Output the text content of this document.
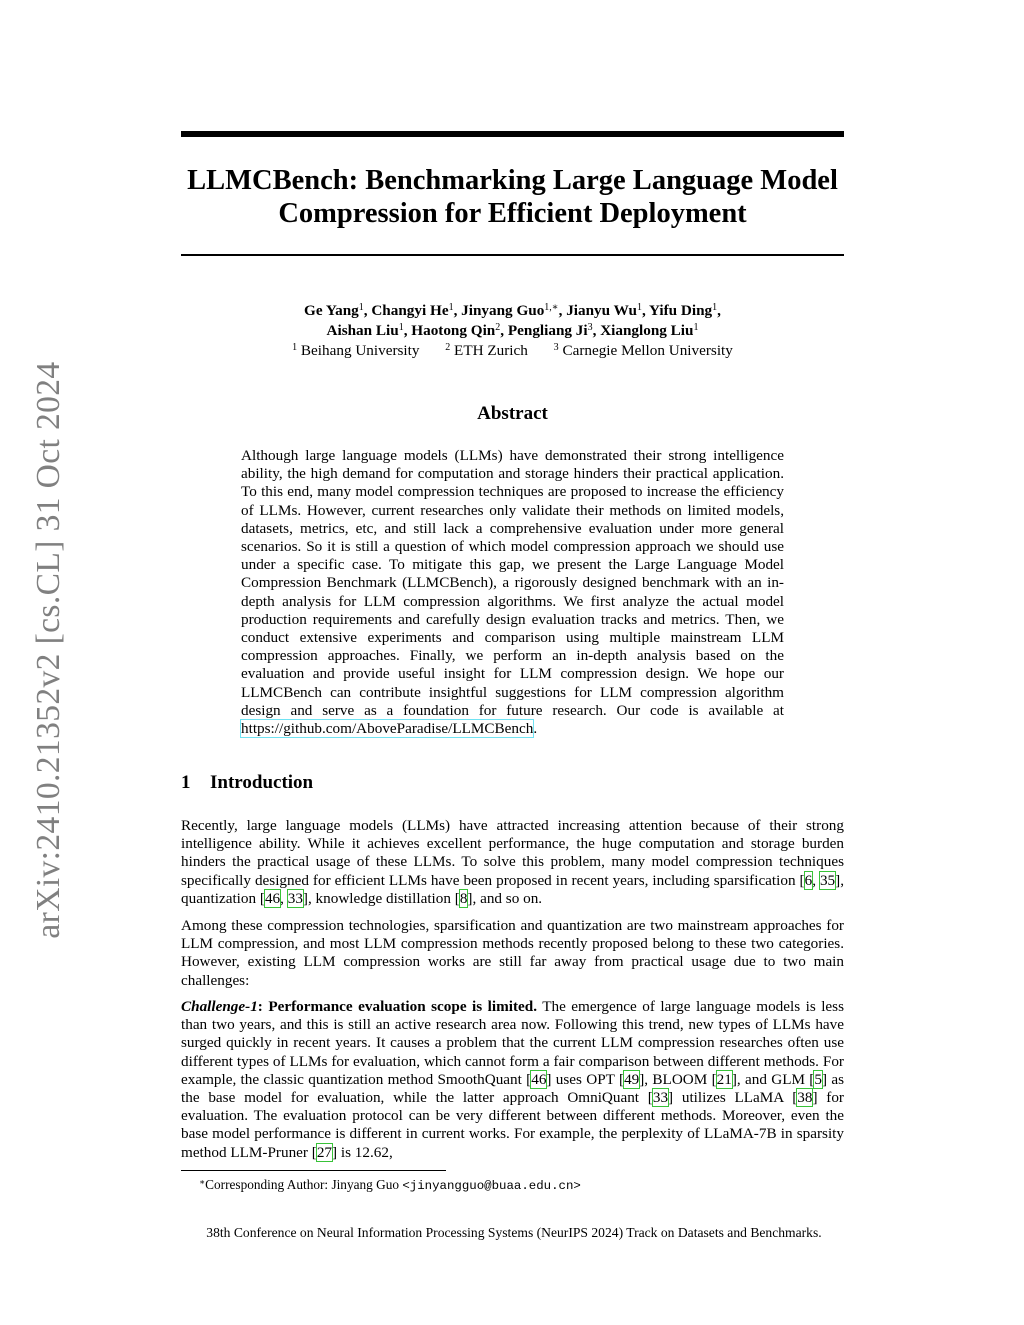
arXiv:2410.21352v2 [cs.CL] 31 Oct 2024
LLMCBench: Benchmarking Large Language Model
Compression for Efficient Deployment
Ge Yang$^1$, Changyi He$^1$, Jinyang Guo$^{1,∗}$, Jianyu Wu$^1$, Yifu Ding$^1$,
Aishan Liu$^1$, Haotong Qin$^2$, Pengliang Ji$^3$, Xianglong Liu$^1$
$^1$ Beihang University	$^2$ ETH Zurich	$^3$ Carnegie Mellon University
Abstract
Although large language models (LLMs) have demonstrated their strong intelligence ability, the high demand for computation and storage hinders their practical application. To this end, many model compression techniques are proposed to increase the efficiency of LLMs. However, current researches only validate their methods on limited models, datasets, metrics, etc, and still lack a comprehensive evaluation under more general scenarios. So it is still a question of which model compression approach we should use under a specific case. To mitigate this gap, we present the Large Language Model Compression Benchmark (LLMCBench), a rigorously designed benchmark with an in-depth analysis for LLM compression algorithms. We first analyze the actual model production requirements and carefully design evaluation tracks and metrics. Then, we conduct extensive experiments and comparison using multiple mainstream LLM compression approaches. Finally, we perform an in-depth analysis based on the evaluation and provide useful insight for LLM compression design. We hope our LLMCBench can contribute insightful suggestions for LLM compression algorithm design and serve as a foundation for future research. Our code is available at https://github.com/AboveParadise/LLMCBench.
1 Introduction
Recently, large language models (LLMs) have attracted increasing attention because of their strong intelligence ability. While it achieves excellent performance, the huge computation and storage burden hinders the practical usage of these LLMs. To solve this problem, many model compression techniques specifically designed for efficient LLMs have been proposed in recent years, including sparsification [6, 35], quantization [46, 33], knowledge distillation [8], and so on.
Among these compression technologies, sparsification and quantization are two mainstream approaches for LLM compression, and most LLM compression methods recently proposed belong to these two categories. However, existing LLM compression works are still far away from practical usage due to two main challenges:
Challenge-1: Performance evaluation scope is limited. The emergence of large language models is less than two years, and this is still an active research area now. Following this trend, new types of LLMs have surged quickly in recent years. It causes a problem that the current LLM compression researches often use different types of LLMs for evaluation, which cannot form a fair comparison between different methods. For example, the classic quantization method SmoothQuant [46] uses OPT [49], BLOOM [21], and GLM [5] as the base model for evaluation, while the latter approach OmniQuant [33] utilizes LLaMA [38] for evaluation. The evaluation protocol can be very different between different methods. Moreover, even the base model performance is different in current works. For example, the perplexity of LLaMA-7B in sparsity method LLM-Pruner [27] is 12.62,
∗Corresponding Author: Jinyang Guo <jinyangguo@buaa.edu.cn>
38th Conference on Neural Information Processing Systems (NeurIPS 2024) Track on Datasets and Benchmarks.
